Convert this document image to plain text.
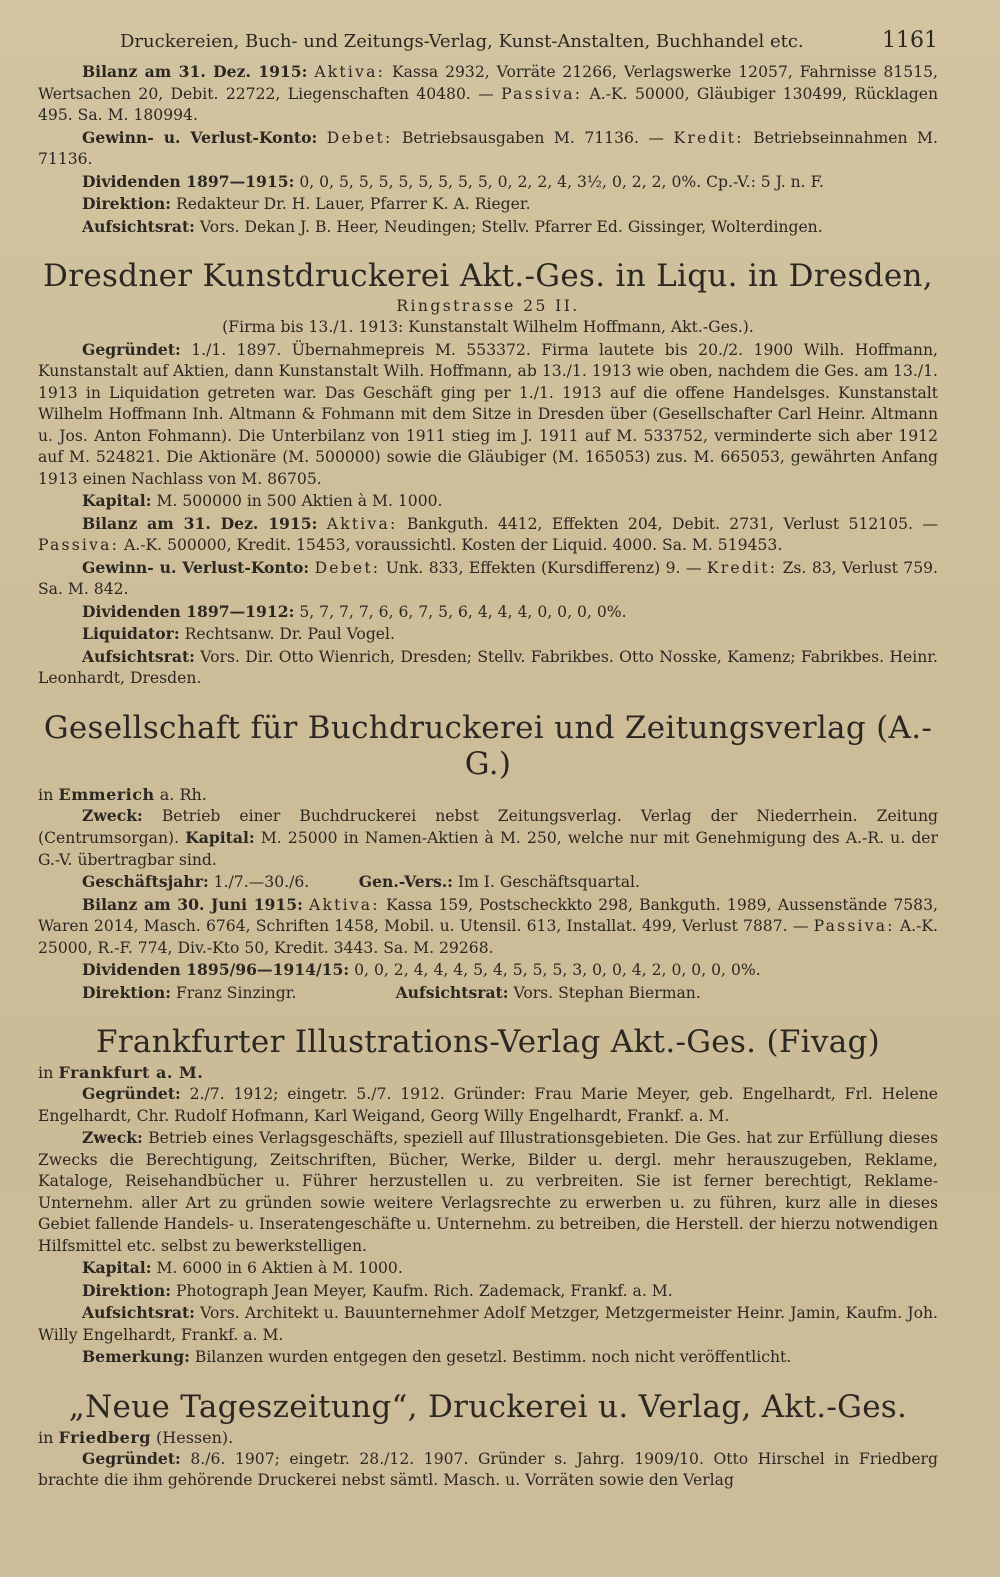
Druckereien, Buch- und Zeitungs-Verlag, Kunst-Anstalten, Buchhandel etc.	1161

Bilanz am 31. Dez. 1915: Aktiva: Kassa 2932, Vorräte 21266, Verlagswerke 12057, Fahrnisse 81515, Wertsachen 20, Debit. 22722, Liegenschaften 40480. — Passiva: A.-K. 50000, Gläubiger 130499, Rücklagen 495. Sa. M. 180994.

Gewinn- u. Verlust-Konto: Debet: Betriebsausgaben M. 71136. — Kredit: Betriebseinnahmen M. 71136.

Dividenden 1897—1915: 0, 0, 5, 5, 5, 5, 5, 5, 5, 5, 0, 2, 2, 4, 3½, 0, 2, 2, 0%. Cp.-V.: 5 J. n. F.

Direktion: Redakteur Dr. H. Lauer, Pfarrer K. A. Rieger.

Aufsichtsrat: Vors. Dekan J. B. Heer, Neudingen; Stellv. Pfarrer Ed. Gissinger, Wolterdingen.

Dresdner Kunstdruckerei Akt.-Ges. in Liqu. in Dresden,
Ringstrasse 25 II.

(Firma bis 13./1. 1913: Kunstanstalt Wilhelm Hoffmann, Akt.-Ges.).

Gegründet: 1./1. 1897. Übernahmepreis M. 553372. Firma lautete bis 20./2. 1900 Wilh. Hoffmann, Kunstanstalt auf Aktien, dann Kunstanstalt Wilh. Hoffmann, ab 13./1. 1913 wie oben, nachdem die Ges. am 13./1. 1913 in Liquidation getreten war. Das Geschäft ging per 1./1. 1913 auf die offene Handelsges. Kunstanstalt Wilhelm Hoffmann Inh. Altmann & Fohmann mit dem Sitze in Dresden über (Gesellschafter Carl Heinr. Altmann u. Jos. Anton Fohmann). Die Unterbilanz von 1911 stieg im J. 1911 auf M. 533752, verminderte sich aber 1912 auf M. 524821. Die Aktionäre (M. 500000) sowie die Gläubiger (M. 165053) zus. M. 665053, gewährten Anfang 1913 einen Nachlass von M. 86705.

Kapital: M. 500000 in 500 Aktien à M. 1000.

Bilanz am 31. Dez. 1915: Aktiva: Bankguth. 4412, Effekten 204, Debit. 2731, Verlust 512105. — Passiva: A.-K. 500000, Kredit. 15453, voraussichtl. Kosten der Liquid. 4000. Sa. M. 519453.

Gewinn- u. Verlust-Konto: Debet: Unk. 833, Effekten (Kursdifferenz) 9. — Kredit: Zs. 83, Verlust 759. Sa. M. 842.

Dividenden 1897—1912: 5, 7, 7, 7, 6, 6, 7, 5, 6, 4, 4, 4, 0, 0, 0, 0%.

Liquidator: Rechtsanw. Dr. Paul Vogel.

Aufsichtsrat: Vors. Dir. Otto Wienrich, Dresden; Stellv. Fabrikbes. Otto Nosske, Kamenz; Fabrikbes. Heinr. Leonhardt, Dresden.

Gesellschaft für Buchdruckerei und Zeitungsverlag (A.-G.)

in Emmerich a. Rh.

Zweck: Betrieb einer Buchdruckerei nebst Zeitungsverlag. Verlag der Niederrhein. Zeitung (Centrumsorgan). Kapital: M. 25000 in Namen-Aktien à M. 250, welche nur mit Genehmigung des A.-R. u. der G.-V. übertragbar sind.

Geschäftsjahr: 1./7.—30./6.	Gen.-Vers.: Im I. Geschäftsquartal.

Bilanz am 30. Juni 1915: Aktiva: Kassa 159, Postscheckkto 298, Bankguth. 1989, Aussenstände 7583, Waren 2014, Masch. 6764, Schriften 1458, Mobil. u. Utensil. 613, Installat. 499, Verlust 7887. — Passiva: A.-K. 25000, R.-F. 774, Div.-Kto 50, Kredit. 3443. Sa. M. 29268.

Dividenden 1895/96—1914/15: 0, 0, 2, 4, 4, 4, 5, 4, 5, 5, 5, 3, 0, 0, 4, 2, 0, 0, 0, 0%.

Direktion: Franz Sinzingr.	Aufsichtsrat: Vors. Stephan Bierman.

Frankfurter Illustrations-Verlag Akt.-Ges. (Fivag)

in Frankfurt a. M.

Gegründet: 2./7. 1912; eingetr. 5./7. 1912. Gründer: Frau Marie Meyer, geb. Engelhardt, Frl. Helene Engelhardt, Chr. Rudolf Hofmann, Karl Weigand, Georg Willy Engelhardt, Frankf. a. M.

Zweck: Betrieb eines Verlagsgeschäfts, speziell auf Illustrationsgebieten. Die Ges. hat zur Erfüllung dieses Zwecks die Berechtigung, Zeitschriften, Bücher, Werke, Bilder u. dergl. mehr herauszugeben, Reklame, Kataloge, Reisehandbücher u. Führer herzustellen u. zu verbreiten. Sie ist ferner berechtigt, Reklame-Unternehm. aller Art zu gründen sowie weitere Verlagsrechte zu erwerben u. zu führen, kurz alle in dieses Gebiet fallende Handels- u. Inseratengeschäfte u. Unternehm. zu betreiben, die Herstell. der hierzu notwendigen Hilfsmittel etc. selbst zu bewerkstelligen.

Kapital: M. 6000 in 6 Aktien à M. 1000.

Direktion: Photograph Jean Meyer, Kaufm. Rich. Zademack, Frankf. a. M.

Aufsichtsrat: Vors. Architekt u. Bauunternehmer Adolf Metzger, Metzgermeister Heinr. Jamin, Kaufm. Joh. Willy Engelhardt, Frankf. a. M.

Bemerkung: Bilanzen wurden entgegen den gesetzl. Bestimm. noch nicht veröffentlicht.

„Neue Tageszeitung“, Druckerei u. Verlag, Akt.-Ges.

in Friedberg (Hessen).

Gegründet: 8./6. 1907; eingetr. 28./12. 1907. Gründer s. Jahrg. 1909/10. Otto Hirschel in Friedberg brachte die ihm gehörende Druckerei nebst sämtl. Masch. u. Vorräten sowie den Verlag
